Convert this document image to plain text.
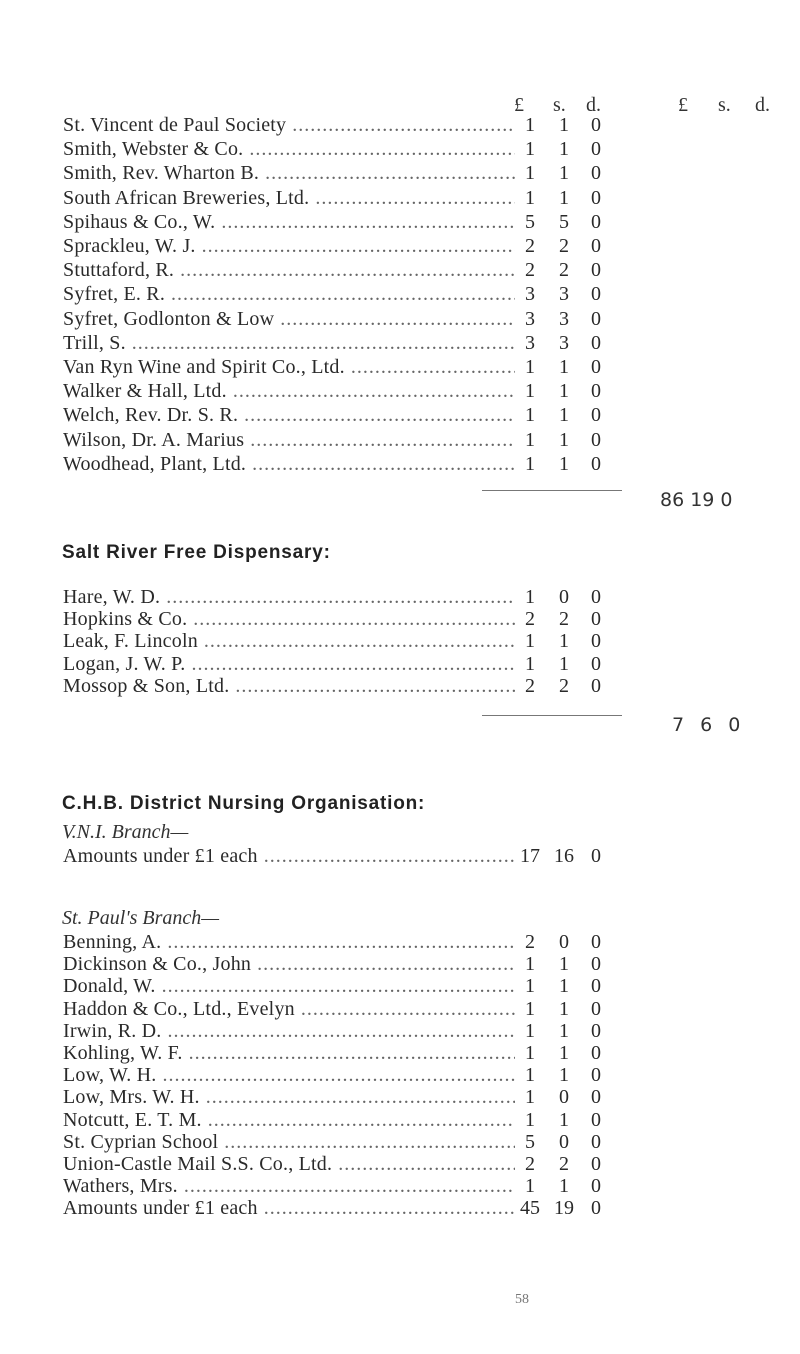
£ s. d.	£ s. d.
St. Vincent de Paul Society .....	1	1	0
Smith, Webster & Co. .....	1	1	0
Smith, Rev. Wharton B. .....	1	1	0
South African Breweries, Ltd. .....	1	1	0
Spihaus & Co., W. .....	5	5	0
Sprackleu, W. J. .....	2	2	0
Stuttaford, R. .....	2	2	0
Syfret, E. R. .....	3	3	0
Syfret, Godlonton & Low .....	3	3	0
Trill, S. .....	3	3	0
Van Ryn Wine and Spirit Co., Ltd. .....	1	1	0
Walker & Hall, Ltd. .....	1	1	0
Welch, Rev. Dr. S. R. .....	1	1	0
Wilson, Dr. A. Marius .....	1	1	0
Woodhead, Plant, Ltd. .....	1	1	0
86 19 0
Salt River Free Dispensary:
Hare, W. D. .....	1	0	0
Hopkins & Co. .....	2	2	0
Leak, F. Lincoln .....	1	1	0
Logan, J. W. P. .....	1	1	0
Mossop & Son, Ltd. .....	2	2	0
7 6 0
C.H.B. District Nursing Organisation:
V.N.I. Branch—
Amounts under £1 each .....	17 16 0
St. Paul's Branch—
Benning, A. .....	2	0	0
Dickinson & Co., John .....	1	1	0
Donald, W. .....	1	1	0
Haddon & Co., Ltd., Evelyn .....	1	1	0
Irwin, R. D. .....	1	1	0
Kohling, W. F. .....	1	1	0
Low, W. H. .....	1	1	0
Low, Mrs. W. H. .....	1	0	0
Notcutt, E. T. M. .....	1	1	0
St. Cyprian School .....	5	0	0
Union-Castle Mail S.S. Co., Ltd. .....	2	2	0
Wathers, Mrs. .....	1	1	0
Amounts under £1 each .....	45 19 0
58
